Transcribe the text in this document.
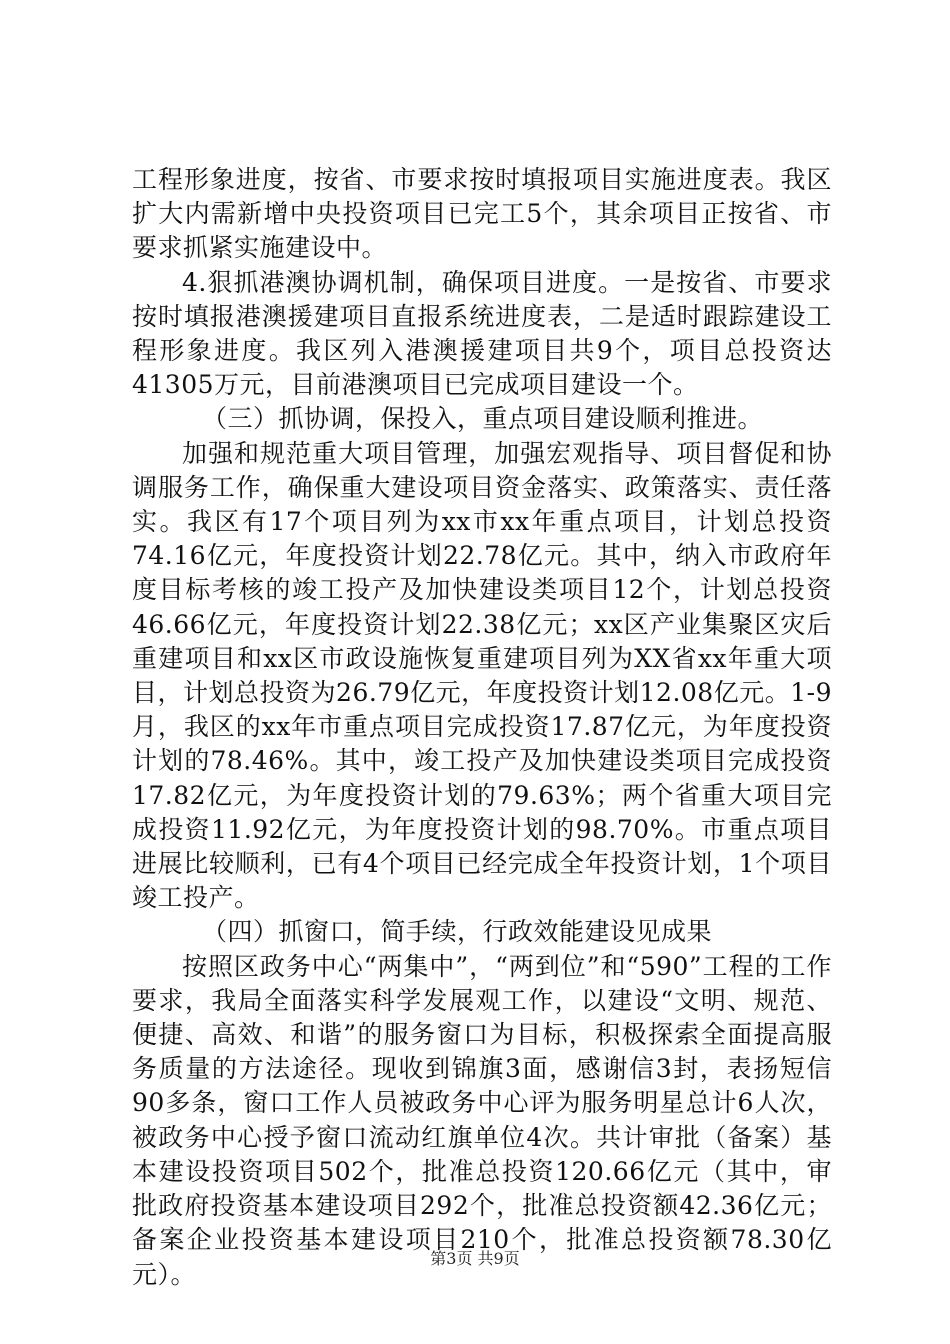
工程形象进度，按省、市要求按时填报项目实施进度表。我区扩大内需新增中央投资项目已完工5个，其余项目正按省、市要求抓紧实施建设中。

4.狠抓港澳协调机制，确保项目进度。一是按省、市要求按时填报港澳援建项目直报系统进度表，二是适时跟踪建设工程形象进度。我区列入港澳援建项目共9个，项目总投资达41305万元，目前港澳项目已完成项目建设一个。

（三）抓协调，保投入，重点项目建设顺利推进。

加强和规范重大项目管理，加强宏观指导、项目督促和协调服务工作，确保重大建设项目资金落实、政策落实、责任落实。我区有17个项目列为xx市xx年重点项目，计划总投资74.16亿元，年度投资计划22.78亿元。其中，纳入市政府年度目标考核的竣工投产及加快建设类项目12个，计划总投资46.66亿元，年度投资计划22.38亿元；xx区产业集聚区灾后重建项目和xx区市政设施恢复重建项目列为XX省xx年重大项目，计划总投资为26.79亿元，年度投资计划12.08亿元。1-9月，我区的xx年市重点项目完成投资17.87亿元，为年度投资计划的78.46%。其中，竣工投产及加快建设类项目完成投资17.82亿元，为年度投资计划的79.63%；两个省重大项目完成投资11.92亿元，为年度投资计划的98.70%。市重点项目进展比较顺利，已有4个项目已经完成全年投资计划，1个项目竣工投产。

（四）抓窗口，简手续，行政效能建设见成果

按照区政务中心“两集中”，“两到位”和“590”工程的工作要求，我局全面落实科学发展观工作，以建设“文明、规范、便捷、高效、和谐”的服务窗口为目标，积极探索全面提高服务质量的方法途径。现收到锦旗3面，感谢信3封，表扬短信90多条，窗口工作人员被政务中心评为服务明星总计6人次，被政务中心授予窗口流动红旗单位4次。共计审批（备案）基本建设投资项目502个，批准总投资120.66亿元（其中，审批政府投资基本建设项目292个，批准总投资额42.36亿元；备案企业投资基本建设项目210个，批准总投资额78.30亿元）。

第3页 共9页
